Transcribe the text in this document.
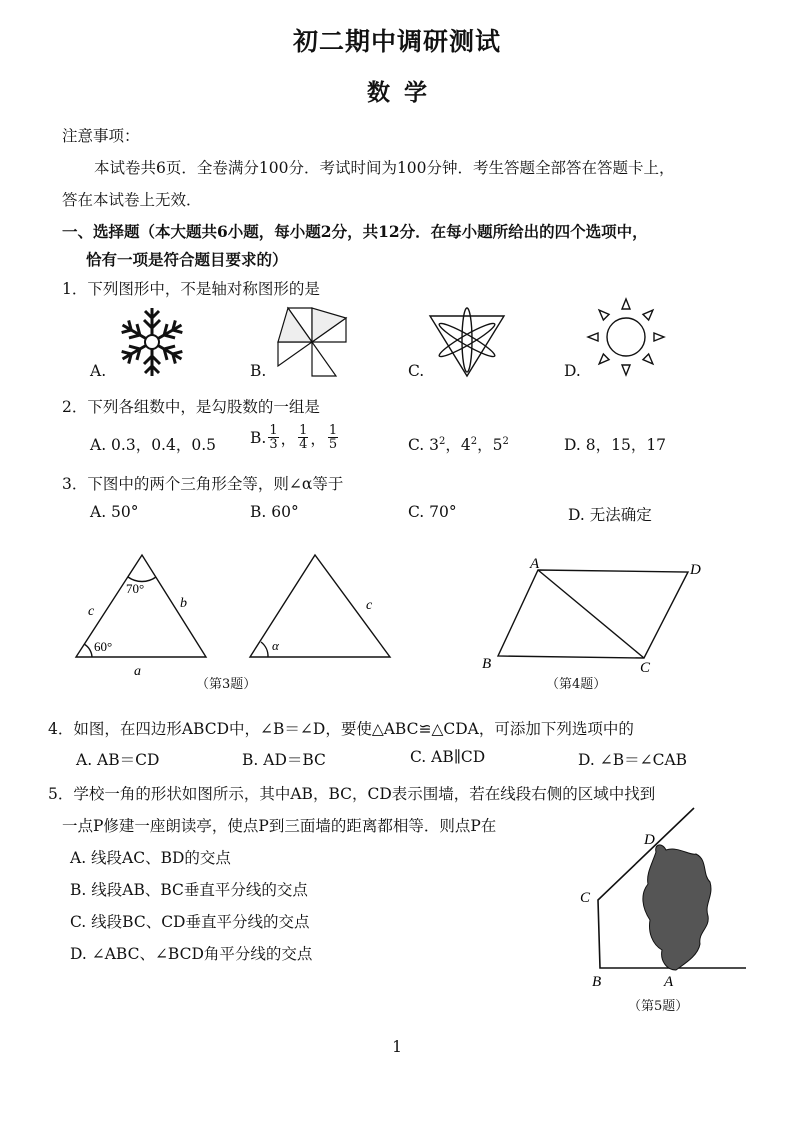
初二期中调研测试
数学
注意事项：
本试卷共6页．全卷满分100分．考试时间为100分钟．考生答题全部答在答题卡上，
答在本试卷上无效．
一、选择题（本大题共6小题，每小题2分，共12分．在每小题所给出的四个选项中，
恰有一项是符合题目要求的）
1．下列图形中，不是轴对称图形的是
A.	B.	C.	D.
2．下列各组数中，是勾股数的一组是
A. 0.3，0.4，0.5 B. $\frac{1}{3}$ ， $\frac{1}{4}$ ， $\frac{1}{5}$	C. $3^2$，$4^2$，$5^2$	D. 8，15，17
3．下图中的两个三角形全等，则∠α等于
A. 50°	B. 60°	C. 70°	D. 无法确定
70°
60°
c
b
a
α
c
（第3题）
A	D
B	C
（第4题）
4．如图，在四边形ABCD中，∠B＝∠D，要使△ABC≌△CDA，可添加下列选项中的
A. AB＝CD	B. AD＝BC	C. AB∥CD	D. ∠B＝∠CAB
5．学校一角的形状如图所示，其中AB，BC，CD表示围墙，若在线段右侧的区域中找到
一点P修建一座朗读亭，使点P到三面墙的距离都相等．则点P在
A. 线段AC、BD的交点
B. 线段AB、BC垂直平分线的交点
C. 线段BC、CD垂直平分线的交点
D. ∠ABC、∠BCD角平分线的交点
D
C
B	A
（第5题）
1
